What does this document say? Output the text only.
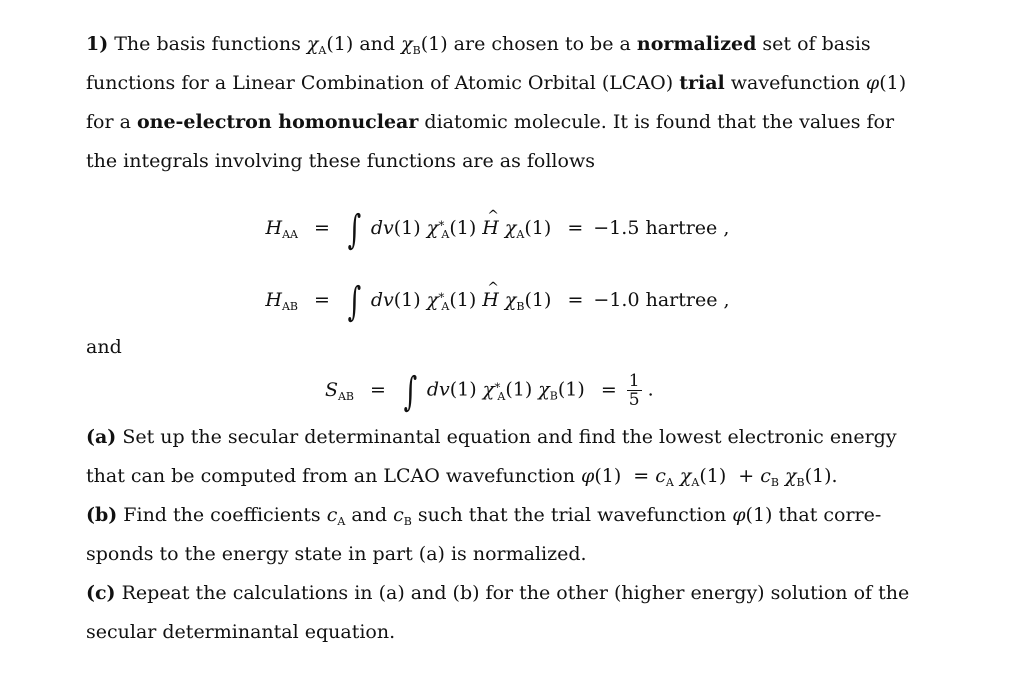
1) The basis functions $\chi_A(1)$ and $\chi_B(1)$ are chosen to be a normalized set of basis
functions for a Linear Combination of Atomic Orbital (LCAO) trial wavefunction φ(1)
for a one-electron homonuclear diatomic molecule. It is found that the values for
the integrals involving these functions are as follows
$H_{AA}$ = ∫ dv(1) $\chi^∗_A(1)$ ^ H $\chi_A(1) = -1.5$ hartree ,
$H_{AB}$ = ∫ dv(1) $\chi^∗_A(1)$ ^ H $\chi_B(1) = -1.0$ hartree ,
and
$S_{AB}$ = ∫ dv(1) $\chi^∗_A(1) \chi_B(1) = \frac{1}{5}$ .
(a) Set up the secular determinantal equation and find the lowest electronic energy
that can be computed from an LCAO wavefunction $\varphi(1) = c_A$ $\chi_A(1) + c_B$ $\chi_B(1)$.
(b) Find the coefficients $c_A$ and $c_B$ such that the trial wavefunction φ(1) that corre-
sponds to the energy state in part (a) is normalized.
(c) Repeat the calculations in (a) and (b) for the other (higher energy) solution of the
secular determinantal equation.
